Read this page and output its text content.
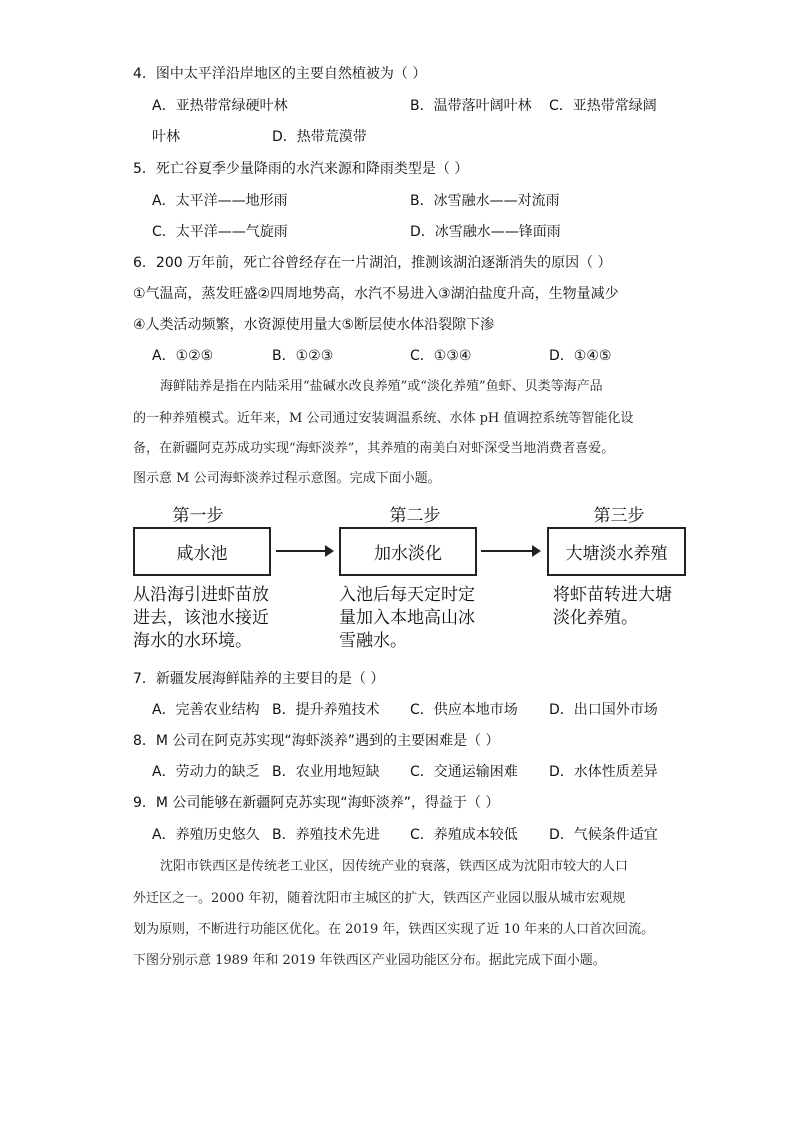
4．图中太平洋沿岸地区的主要自然植被为（ ）
A．亚热带常绿硬叶林	B．温带落叶阔叶林 C．亚热带常绿阔
叶林	D．热带荒漠带
5．死亡谷夏季少量降雨的水汽来源和降雨类型是（ ）
A．太平洋——地形雨	B．冰雪融水——对流雨
C．太平洋——气旋雨	D．冰雪融水——锋面雨
6．200 万年前，死亡谷曾经存在一片湖泊，推测该湖泊逐渐消失的原因（ ）
①气温高，蒸发旺盛②四周地势高，水汽不易进入③湖泊盐度升高，生物量减少
④人类活动频繁，水资源使用量大⑤断层使水体沿裂隙下渗
A．①②⑤	B．①②③	C．①③④	D．①④⑤
海鲜陆养是指在内陆采用“盐碱水改良养殖”或“淡化养殖”鱼虾、贝类等海产品
的一种养殖模式。近年来，M 公司通过安装调温系统、水体 pH 值调控系统等智能化设
备，在新疆阿克苏成功实现“海虾淡养”，其养殖的南美白对虾深受当地消费者喜爱。
图示意 M 公司海虾淡养过程示意图。完成下面小题。
第一步	第二步	第三步
咸水池	加水淡化	大塘淡水养殖
从沿海引进虾苗放
进去，该池水接近
海水的水环境。
入池后每天定时定
量加入本地高山冰
雪融水。
将虾苗转进大塘
淡化养殖。
7．新疆发展海鲜陆养的主要目的是（ ）
A．完善农业结构 B．提升养殖技术 C．供应本地市场 D．出口国外市场
8．M 公司在阿克苏实现“海虾淡养”遇到的主要困难是（ ）
A．劳动力的缺乏 B．农业用地短缺 C．交通运输困难 D．水体性质差异
9．M 公司能够在新疆阿克苏实现“海虾淡养”，得益于（ ）
A．养殖历史悠久 B．养殖技术先进 C．养殖成本较低 D．气候条件适宜
沈阳市铁西区是传统老工业区，因传统产业的衰落，铁西区成为沈阳市较大的人口
外迁区之一。2000 年初，随着沈阳市主城区的扩大，铁西区产业园以服从城市宏观规
划为原则，不断进行功能区优化。在 2019 年，铁西区实现了近 10 年来的人口首次回流。
下图分别示意 1989 年和 2019 年铁西区产业园功能区分布。据此完成下面小题。
